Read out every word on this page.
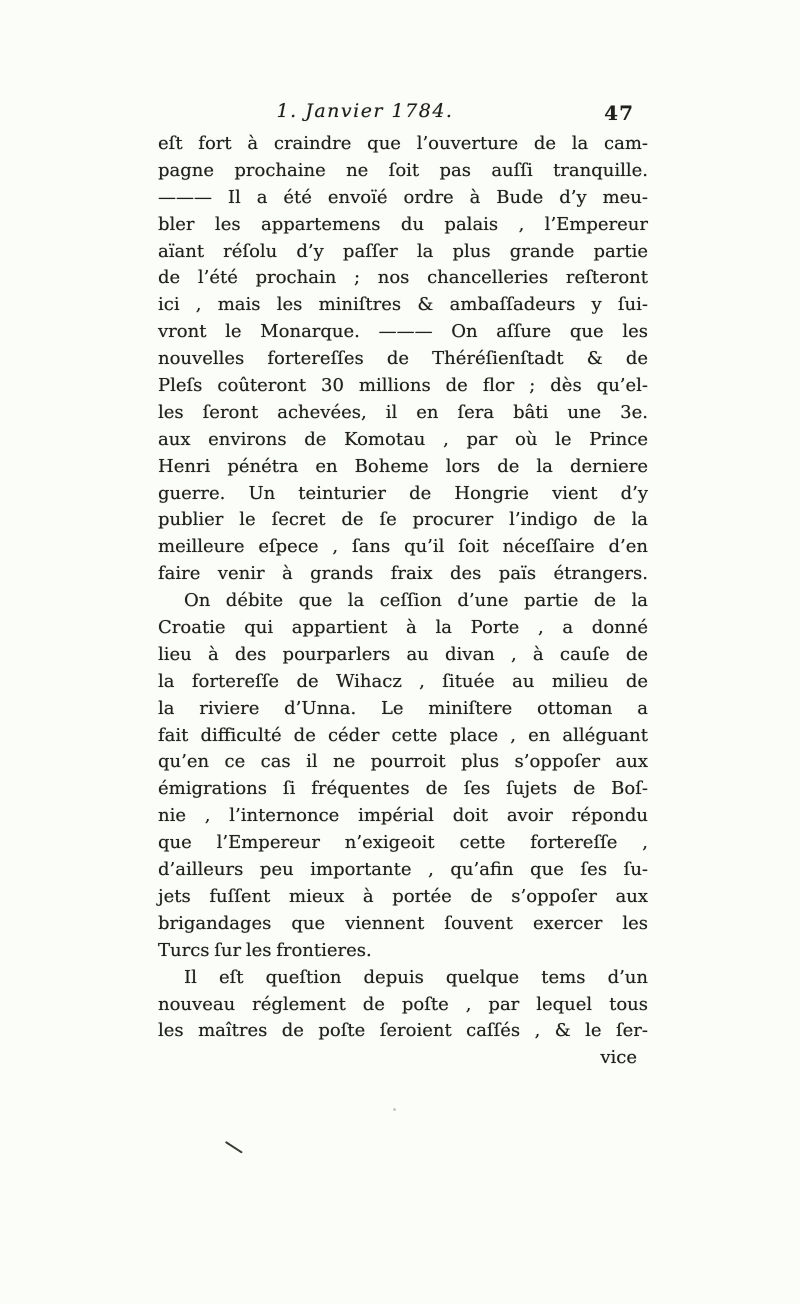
1. Janvier 1784.	47
eſt fort à craindre que l’ouverture de la cam-
pagne prochaine ne ſoit pas auſſi tranquille.
——— Il a été envoïé ordre à Bude d’y meu-
bler les appartemens du palais , l’Empereur
aïant réſolu d’y paſſer la plus grande partie
de l’été prochain ; nos chancelleries reſteront
ici , mais les miniſtres & ambaſſadeurs y ſui-
vront le Monarque. ——— On aſſure que les
nouvelles fortereſſes de Théréſienſtadt & de
Pleſs coûteront 30 millions de flor ; dès qu’el-
les ſeront achevées, il en ſera bâti une 3e.
aux environs de Komotau , par où le Prince
Henri pénétra en Boheme lors de la derniere
guerre. Un teinturier de Hongrie vient d’y
publier le ſecret de ſe procurer l’indigo de la
meilleure eſpece , ſans qu’il ſoit néceſſaire d’en
faire venir à grands fraix des païs étrangers.
On débite que la ceſſion d’une partie de la
Croatie qui appartient à la Porte , a donné
lieu à des pourparlers au divan , à cauſe de
la fortereſſe de Wihacz , ſituée au milieu de
la riviere d’Unna. Le miniſtere ottoman a
fait difficulté de céder cette place , en alléguant
qu’en ce cas il ne pourroit plus s’oppoſer aux
émigrations ſi fréquentes de ſes ſujets de Boſ-
nie , l’internonce impérial doit avoir répondu
que l’Empereur n’exigeoit cette fortereſſe ,
d’ailleurs peu importante , qu’afin que ſes ſu-
jets fuſſent mieux à portée de s’oppoſer aux
brigandages que viennent ſouvent exercer les
Turcs ſur les frontieres.
Il eſt queſtion depuis quelque tems d’un
nouveau réglement de poſte , par lequel tous
les maîtres de poſte ſeroient caſſés , & le ſer-
vice
